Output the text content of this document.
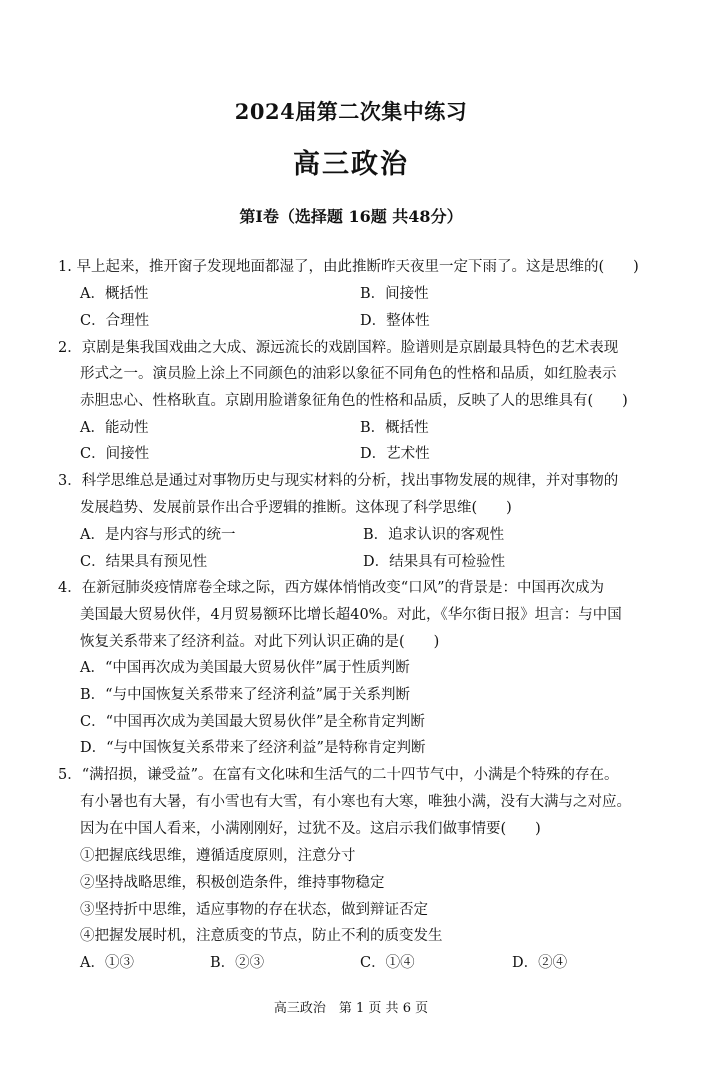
2024届第二次集中练习
高三政治
第Ⅰ卷（选择题 16题 共48分）
1. 早上起来，推开窗子发现地面都湿了，由此推断昨天夜里一定下雨了。这是思维的(　　)
A．概括性	B．间接性
C．合理性	D．整体性
2．京剧是集我国戏曲之大成、源远流长的戏剧国粹。脸谱则是京剧最具特色的艺术表现
形式之一。演员脸上涂上不同颜色的油彩以象征不同角色的性格和品质，如红脸表示
赤胆忠心、性格耿直。京剧用脸谱象征角色的性格和品质，反映了人的思维具有(　　)
A．能动性	B．概括性
C．间接性	D．艺术性
3．科学思维总是通过对事物历史与现实材料的分析，找出事物发展的规律，并对事物的
发展趋势、发展前景作出合乎逻辑的推断。这体现了科学思维(　　)
A．是内容与形式的统一	B．追求认识的客观性
C．结果具有预见性	D．结果具有可检验性
4．在新冠肺炎疫情席卷全球之际，西方媒体悄悄改变“口风”的背景是：中国再次成为
美国最大贸易伙伴，4月贸易额环比增长超40%。对此，《华尔街日报》坦言：与中国
恢复关系带来了经济利益。对此下列认识正确的是(　　)
A．“中国再次成为美国最大贸易伙伴”属于性质判断
B．“与中国恢复关系带来了经济利益”属于关系判断
C．“中国再次成为美国最大贸易伙伴”是全称肯定判断
D．“与中国恢复关系带来了经济利益”是特称肯定判断
5．“满招损，谦受益”。在富有文化味和生活气的二十四节气中，小满是个特殊的存在。
有小暑也有大暑，有小雪也有大雪，有小寒也有大寒，唯独小满，没有大满与之对应。
因为在中国人看来，小满刚刚好，过犹不及。这启示我们做事情要(　　)
①把握底线思维，遵循适度原则，注意分寸
②坚持战略思维，积极创造条件，维持事物稳定
③坚持折中思维，适应事物的存在状态，做到辩证否定
④把握发展时机，注意质变的节点，防止不利的质变发生
A．①③	B．②③	C．①④	D．②④
高三政治　第 1 页 共 6 页
